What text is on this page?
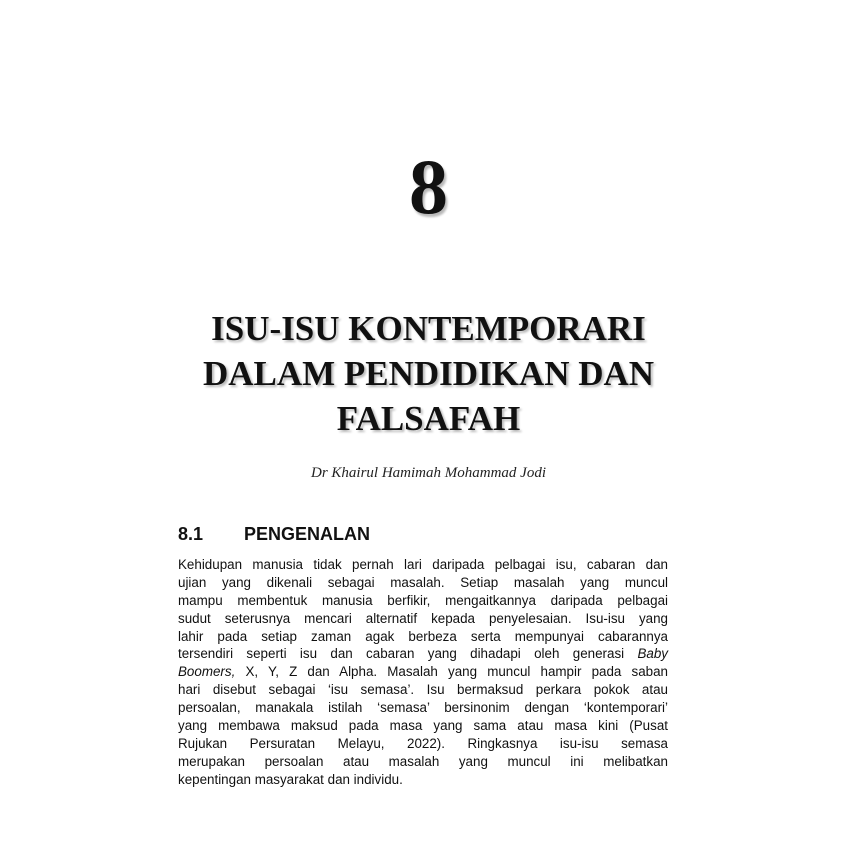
8
ISU-ISU KONTEMPORARI
DALAM PENDIDIKAN DAN
FALSAFAH
Dr Khairul Hamimah Mohammad Jodi
8.1 PENGENALAN
Kehidupan manusia tidak pernah lari daripada pelbagai isu, cabaran dan
ujian yang dikenali sebagai masalah. Setiap masalah yang muncul
mampu membentuk manusia berfikir, mengaitkannya daripada pelbagai
sudut seterusnya mencari alternatif kepada penyelesaian. Isu-isu yang
lahir pada setiap zaman agak berbeza serta mempunyai cabarannya
tersendiri seperti isu dan cabaran yang dihadapi oleh generasi Baby
Boomers, X, Y, Z dan Alpha. Masalah yang muncul hampir pada saban
hari disebut sebagai ‘isu semasa’. Isu bermaksud perkara pokok atau
persoalan, manakala istilah ‘semasa’ bersinonim dengan ‘kontemporari’
yang membawa maksud pada masa yang sama atau masa kini (Pusat
Rujukan Persuratan Melayu, 2022). Ringkasnya isu-isu semasa
merupakan persoalan atau masalah yang muncul ini melibatkan
kepentingan masyarakat dan individu.
